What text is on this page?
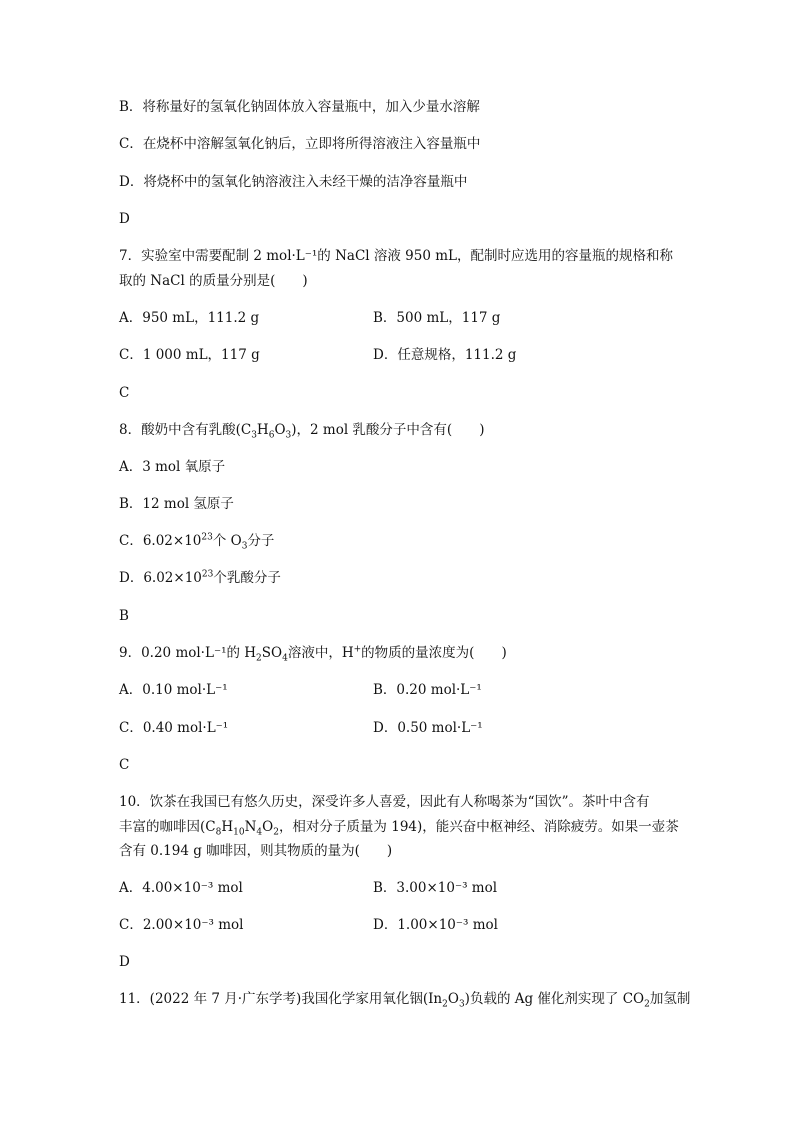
B．将称量好的氢氧化钠固体放入容量瓶中，加入少量水溶解
C．在烧杯中溶解氢氧化钠后，立即将所得溶液注入容量瓶中
D．将烧杯中的氢氧化钠溶液注入未经干燥的洁净容量瓶中
D
7．实验室中需要配制 2 mol·L⁻¹的 NaCl 溶液 950 mL，配制时应选用的容量瓶的规格和称
取的 NaCl 的质量分别是(　　)
A．950 mL，111.2 g	B．500 mL，117 g
C．1 000 mL，117 g	D．任意规格，111.2 g
C
8．酸奶中含有乳酸$(C_3H_6O_3)$，2 mol 乳酸分子中含有(　　)
A．3 mol 氧原子
B．12 mol 氢原子
C．$6.02\times 10^{23}$个 $O_3$分子
D．$6.02\times 10^{23}$个乳酸分子
B
9．0.20 mol·L⁻¹的 $H_2SO_4$溶液中，H+的物质的量浓度为(　　)
A．0.10 mol·L⁻¹	B．0.20 mol·L⁻¹
C．0.40 mol·L⁻¹	D．0.50 mol·L⁻¹
C
10．饮茶在我国已有悠久历史，深受许多人喜爱，因此有人称喝茶为“国饮”。茶叶中含有
丰富的咖啡因($C_8H_{10}N_4O_2$，相对分子质量为 194)，能兴奋中枢神经、消除疲劳。如果一壶茶
含有 0.194 g 咖啡因，则其物质的量为(　　)
A．4.00×10⁻³ mol	B．3.00×10⁻³ mol
C．2.00×10⁻³ mol	D．1.00×10⁻³ mol
D
11．(2022 年 7 月·广东学考)我国化学家用氧化铟$(In_2O_3)$负载的 Ag 催化剂实现了 $CO_2$加氢制
